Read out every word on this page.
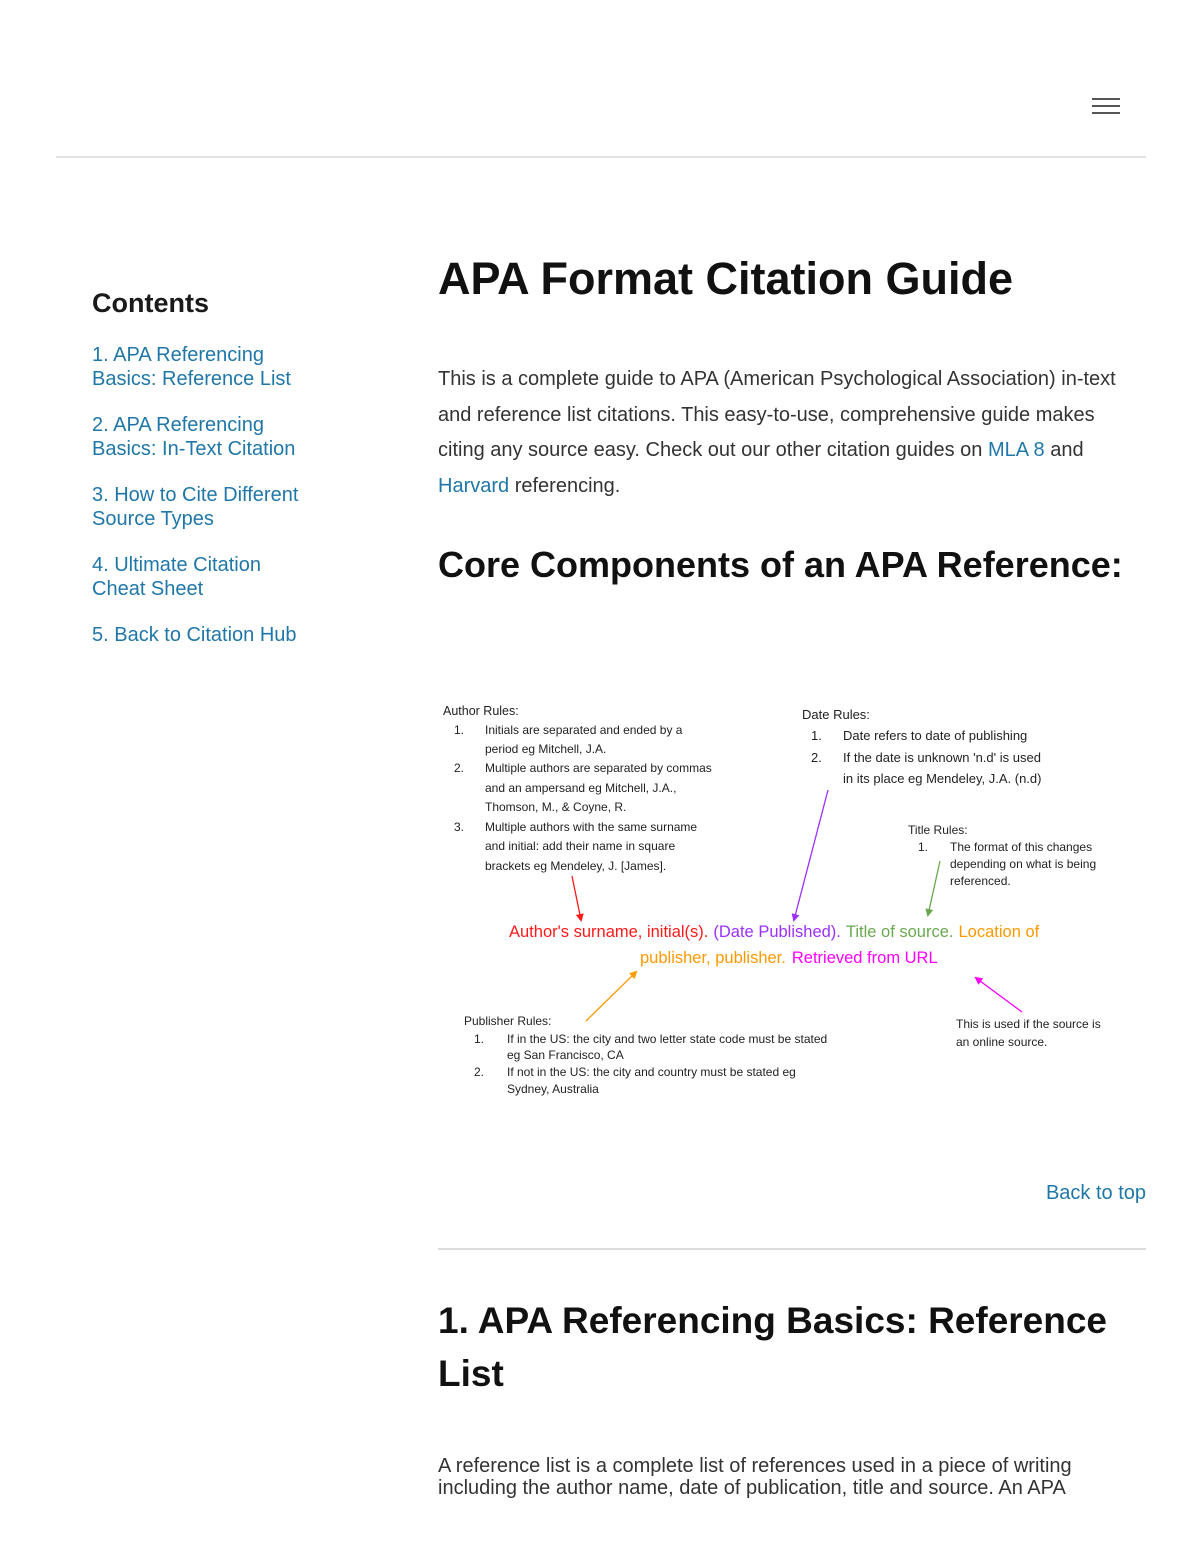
Contents
1. APA Referencing Basics: Reference List
2. APA Referencing Basics: In-Text Citation
3. How to Cite Different Source Types
4. Ultimate Citation Cheat Sheet
5. Back to Citation Hub
APA Format Citation Guide

This is a complete guide to APA (American Psychological Association) in-text and reference list citations. This easy-to-use, comprehensive guide makes citing any source easy. Check out our other citation guides on MLA 8 and Harvard referencing.

Core Components of an APA Reference:
Author Rules:
1. Initials are separated and ended by a
period eg Mitchell, J.A.
2. Multiple authors are separated by commas
and an ampersand eg Mitchell, J.A.,
Thomson, M., & Coyne, R.
3. Multiple authors with the same surname
and initial: add their name in square
brackets eg Mendeley, J. [James].
Date Rules:
1. Date refers to date of publishing
2. If the date is unknown 'n.d' is used
in its place eg Mendeley, J.A. (n.d)
Title Rules:
1. The format of this changes
depending on what is being
referenced.
Author's surname, initial(s). (Date Published). Title of source. Location of
publisher, publisher. Retrieved from URL
Publisher Rules:
1. If in the US: the city and two letter state code must be stated
eg San Francisco, CA
2. If not in the US: the city and country must be stated eg
Sydney, Australia
This is used if the source is
an online source.
Back to top
1. APA Referencing Basics: Reference List

A reference list is a complete list of references used in a piece of writing

including the author name, date of publication, title and source. An APA
